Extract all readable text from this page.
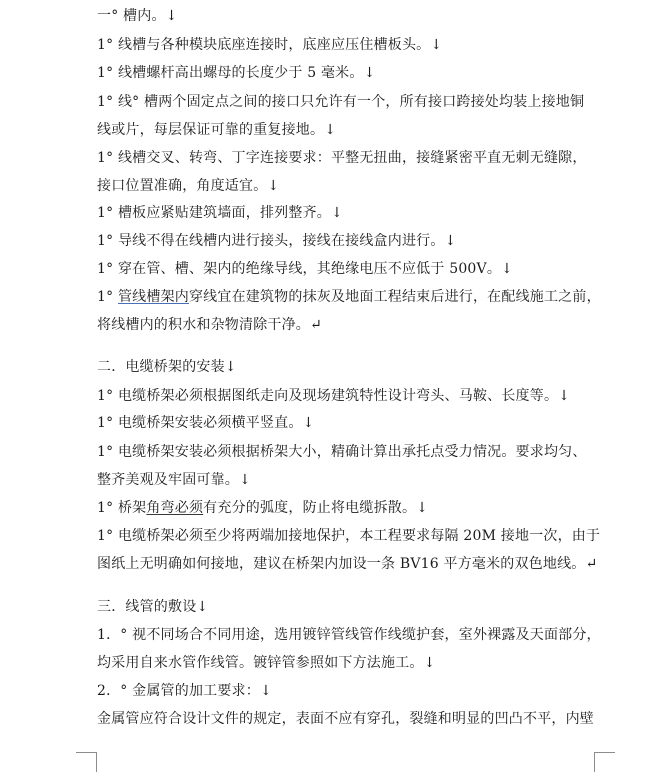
一° 槽内。↓
1° 线槽与各种模块底座连接时，底座应压住槽板头。↓
1° 线槽螺杆高出螺母的长度少于 5 毫米。↓
1° 线° 槽两个固定点之间的接口只允许有一个，所有接口跨接处均装上接地铜
线或片，每层保证可靠的重复接地。↓
1° 线槽交叉、转弯、丁字连接要求：平整无扭曲，接缝紧密平直无刺无缝隙，
接口位置准确，角度适宜。↓
1° 槽板应紧贴建筑墙面，排列整齐。↓
1° 导线不得在线槽内进行接头，接线在接线盒内进行。↓
1° 穿在管、槽、架内的绝缘导线，其绝缘电压不应低于 500V。↓
1° 管线槽架内穿线宜在建筑物的抹灰及地面工程结束后进行，在配线施工之前，
将线槽内的积水和杂物清除干净。↵
二．电缆桥架的安装↓
1° 电缆桥架必须根据图纸走向及现场建筑特性设计弯头、马鞍、长度等。↓
1° 电缆桥架安装必须横平竖直。↓
1° 电缆桥架安装必须根据桥架大小，精确计算出承托点受力情况。要求均匀、
整齐美观及牢固可靠。↓
1° 桥架角弯必须有充分的弧度，防止将电缆拆散。↓
1° 电缆桥架必须至少将两端加接地保护，本工程要求每隔 20M 接地一次，由于
图纸上无明确如何接地，建议在桥架内加设一条 BV16 平方毫米的双色地线。↵
三．线管的敷设↓
1．° 视不同场合不同用途，选用镀锌管线管作线缆护套，室外裸露及天面部分，
均采用自来水管作线管。镀锌管参照如下方法施工。↓
2．° 金属管的加工要求：↓
金属管应符合设计文件的规定，表面不应有穿孔，裂缝和明显的凹凸不平，内壁
